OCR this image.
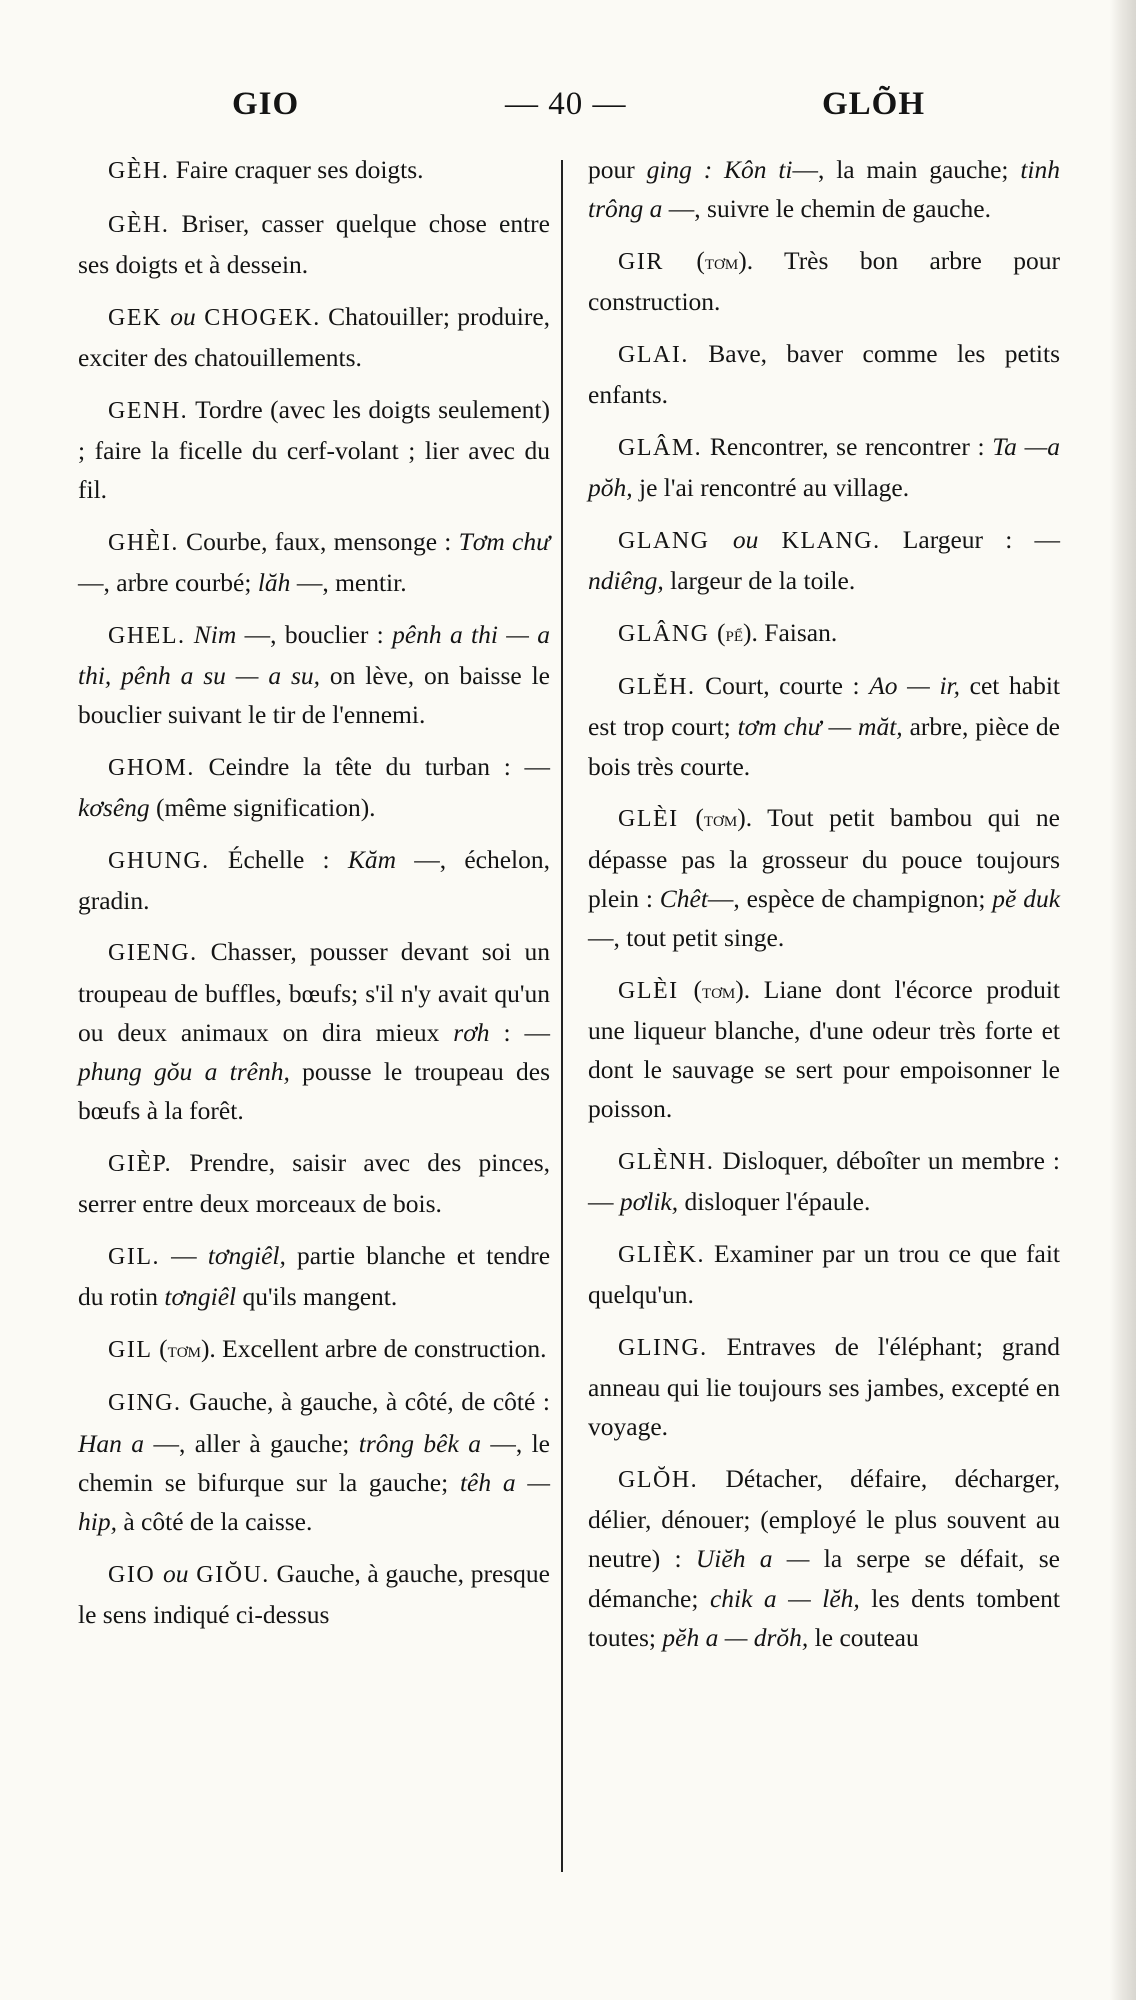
GIO	— 40 —	GLÕH

GÈH. Faire craquer ses doigts.

GÈH. Briser, casser quelque chose entre ses doigts et à dessein.

GEK ou CHOGEK. Chatouiller; produire, exciter des chatouillements.

GENH. Tordre (avec les doigts seulement) ; faire la ficelle du cerf-volant ; lier avec du fil.

GHÈI. Courbe, faux, mensonge : Tơm chư —, arbre courbé; lăh —, mentir.

GHEL. Nim —, bouclier : pênh a thi — a thi, pênh a su — a su, on lève, on baisse le bouclier suivant le tir de l'ennemi.

GHOM. Ceindre la tête du turban : — kơsêng (même signification).

GHUNG. Échelle : Kăm —, échelon, gradin.

GIENG. Chasser, pousser devant soi un troupeau de buffles, bœufs; s'il n'y avait qu'un ou deux animaux on dira mieux rơh : — phung gŏu a trênh, pousse le troupeau des bœufs à la forêt.

GIÈP. Prendre, saisir avec des pinces, serrer entre deux morceaux de bois.

GIL. — tơngiêl, partie blanche et tendre du rotin tơngiêl qu'ils mangent.

GIL (tơm). Excellent arbre de construction.

GING. Gauche, à gauche, à côté, de côté : Han a —, aller à gauche; trông bêk a —, le chemin se bifurque sur la gauche; têh a — hip, à côté de la caisse.

GIO ou GIŎU. Gauche, à gauche, presque le sens indiqué ci-dessus

pour ging : Kôn ti—, la main gauche; tinh trông a —, suivre le chemin de gauche.

GIR (tơm). Très bon arbre pour construction.

GLAI. Bave, baver comme les petits enfants.

GLÂM. Rencontrer, se rencontrer : Ta —a pŏh, je l'ai rencontré au village.

GLANG ou KLANG. Largeur : — ndiêng, largeur de la toile.

GLÂNG (pể). Faisan.

GLĔH. Court, courte : Ao — ir, cet habit est trop court; tơm chư — măt, arbre, pièce de bois très courte.

GLÈI (tơm). Tout petit bambou qui ne dépasse pas la grosseur du pouce toujours plein : Chêt—, espèce de champignon; pĕ duk —, tout petit singe.

GLÈI (tơm). Liane dont l'écorce produit une liqueur blanche, d'une odeur très forte et dont le sauvage se sert pour empoisonner le poisson.

GLÈNH. Disloquer, déboîter un membre : — pơlik, disloquer l'épaule.

GLIÈK. Examiner par un trou ce que fait quelqu'un.

GLING. Entraves de l'éléphant; grand anneau qui lie toujours ses jambes, excepté en voyage.

GLŎH. Détacher, défaire, décharger, délier, dénouer; (employé le plus souvent au neutre) : Uiĕh a — la serpe se défait, se démanche; chik a — lĕh, les dents tombent toutes; pĕh a — drŏh, le couteau
